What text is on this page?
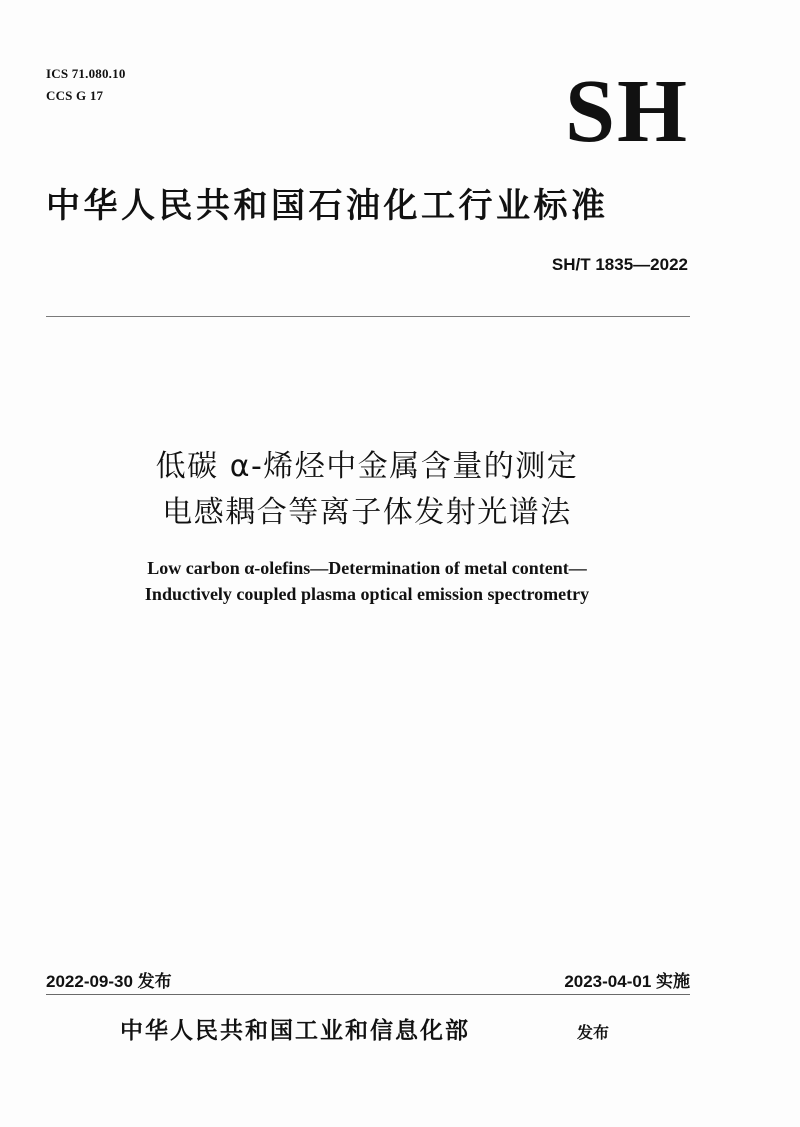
ICS 71.080.10
CCS G 17	SH
中华人民共和国石油化工行业标准
SH/T 1835—2022
低碳 α-烯烃中金属含量的测定
电感耦合等离子体发射光谱法
Low carbon α-olefins—Determination of metal content—
Inductively coupled plasma optical emission spectrometry
2022-09-30 发布	2023-04-01 实施
中华人民共和国工业和信息化部	发布
